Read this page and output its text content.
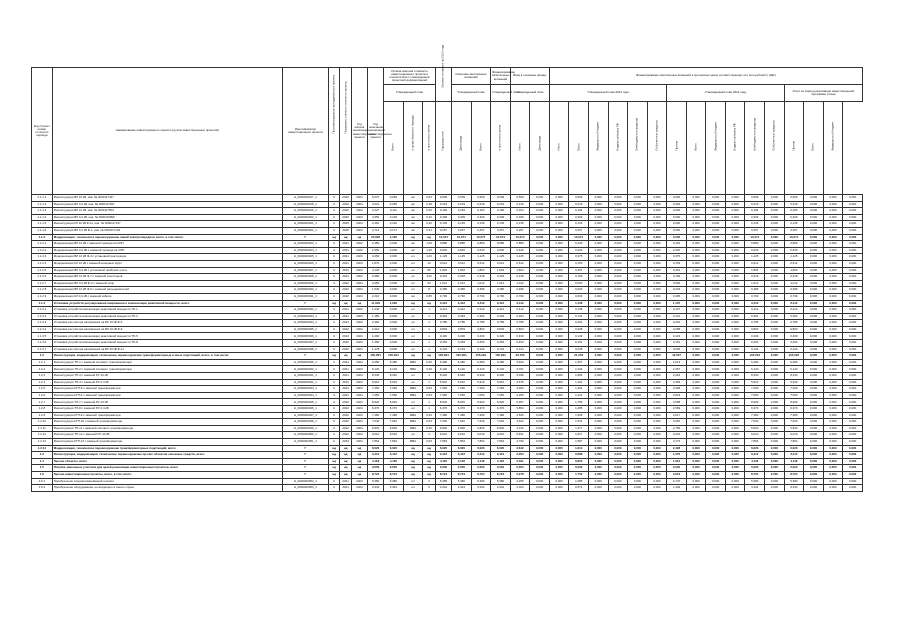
Код строки / номер отчетного периода	Наименование инвестиционного проекта (группы инвестиционных проектов)	Идентификатор инвестиционного проекта	Признак/индикатор принадлежности проекта	Показатель степени готовности проекта	Год начала реализации инвестиционного проекта	Год окончания реализации инвестиционного проекта	Полная сметная стоимость инвестиционного проекта в соответствии с утвержденной проектной документацией			Остаток стоимости на 01.01 года	Освоение капитальных вложений		Финансирование капитальных вложений	Ввод в основные фонды		Финансирование капитальных вложений в прогнозных ценах соответствующих лет, млн рублей (с НДС)															
							Утвержденный план				Утвержденный план		Утвержденный план	Утвержденный план		Утвержденный план 2021 года						Утвержденный план 2022 года						Итого за период реализации инвестиционной программы (план)			
							Всего	в ценах базисного периода	в прогнозных ценах	Год раскрытия	Дата ввода	Всего	в прогнозных ценах	Итого	Дата ввода	Итого	Всего	Федеральный бюджет	Бюджет субъекта РФ	Внебюджетные средства	Собственные средства	Прочие	Всего	Федеральный бюджет	Бюджет субъекта РФ	Внебюджетные средства	Собственные средства	Прочие	Всего	Федеральный бюджет	
1.1.1.1	Реконструкция ВЛ 10 кВ, инв. № 0000117447	H_0000000017_1	С	2020	2024	6,037	0,269	км	0,64	0,509	0,509	0,509	0,509	0,509	0,000	0,000	0,509	0,000	0,000	0,000	0,000	0,000	0,000	0,000	0,000	0,509	0,000	0,509	0,000	0,000	0,000
1.1.1.2	Реконструкция ВЛ 0,4 кВ, инв. № 0000117497	H_0000000018_1	С	2020	2024	2,031	0,255	км	0,18	0,219	0,219	0,219	0,219	0,219	0,000	0,000	0,219	0,000	0,000	0,000	0,000	0,000	0,000	0,000	0,000	0,219	0,000	0,219	0,000	0,000	0,000
1.1.1.3	Реконструкция ВЛ 10 кВ, инв. № 0000117503	H_0000000019_1	С	2020	2024	3,127	0,112	км	0,30	0,184	0,184	0,184	0,184	0,184	0,000	0,000	0,184	0,000	0,000	0,000	0,000	0,000	0,000	0,000	0,000	0,184	0,000	0,184	0,000	0,000	0,000
1.1.1.4	Реконструкция ВЛ 0,4 кВ, инв. № 0000116990	H_0000000020_1	С	2020	2024	4,350	0,218	км	0,42	0,309	0,309	0,309	0,309	0,309	0,000	0,000	0,309	0,000	0,000	0,000	0,000	0,000	0,000	0,000	0,000	0,309	0,000	0,309	0,000	0,000	0,000
1.1.1.5	Реконструкция КЛ 10 кВ Ф-11, инв. № 0000117137	H_0000000021_1	С	2020	2024	2,481	0,140	км	0,22	0,135	0,135	0,135	0,135	0,135	0,000	0,000	0,135	0,000	0,000	0,000	0,000	0,000	0,000	0,000	0,000	0,135	0,000	0,135	0,000	0,000	0,000
1.1.1.6	Реконструкция ВЛ 0,4 кВ Ф-1, инв. № 0000117104	H_0000000022_1	С	2020	2024	3,714	0,171	км	0,31	0,257	0,257	0,257	0,257	0,257	0,000	0,000	0,257	0,000	0,000	0,000	0,000	0,000	0,000	0,000	0,000	0,257	0,000	0,257	0,000	0,000	0,000
1.1.2	Модернизация, техническое перевооружение линий электропередачи, всего, в том числе:	Г	нд	нд	нд	24,602	4,190	нд	нд	10,074	10,074	10,074	10,074	10,074	0,000	0,000	10,074	0,000	0,000	0,000	0,000	0,000	0,000	0,000	0,000	10,074	0,000	10,074	0,000	0,000	0,000
1.1.2.1	Модернизация ВЛ 10 кВ с заменой провода на СИП	H_0000000023_1	С	2021	2022	2,480	0,000	км	1,60	0,880	0,880	0,880	0,880	0,880	0,000	0,000	0,440	0,000	0,000	0,000	0,000	0,440	0,000	0,000	0,000	0,880	0,000	0,880	0,000	0,000	0,000
1.1.2.2	Модернизация ВЛ 0,4 кВ с заменой провода на СИП	H_0000000024_1	С	2021	2022	1,960	0,000	км	1,20	0,640	0,640	0,640	0,640	0,640	0,000	0,000	0,320	0,000	0,000	0,000	0,000	0,320	0,000	0,000	0,000	0,640	0,000	0,640	0,000	0,000	0,000
1.1.2.3	Модернизация ВЛ 10 кВ Ф-4 с установкой реклоузера	H_0000000025_1	С	2021	2023	3,250	0,000	шт	1,00	1,125	1,125	1,125	1,125	1,125	0,000	0,000	0,375	0,000	0,000	0,000	0,000	0,375	0,000	0,000	0,000	1,125	0,000	1,125	0,000	0,000	0,000
1.1.2.4	Модернизация КЛ 10 кВ с заменой концевых муфт	H_0000000026_1	С	2021	2024	1,870	0,000	шт	12	0,612	0,612	0,612	0,612	0,612	0,000	0,000	0,153	0,000	0,000	0,000	0,000	0,153	0,000	0,000	0,000	0,612	0,000	0,612	0,000	0,000	0,000
1.1.2.5	Модернизация ВЛ 0,4 кВ с установкой приборов учета	H_0000000027_1	С	2021	2024	4,120	0,000	шт	86	1,804	1,804	1,804	1,804	1,804	0,000	0,000	0,451	0,000	0,000	0,000	0,000	0,451	0,000	0,000	0,000	1,804	0,000	1,804	0,000	0,000	0,000
1.1.2.6	Модернизация ВЛ 10 кВ Ф-7 с заменой изоляторов	H_0000000028_1	С	2021	2022	0,980	0,000	шт	240	0,318	0,318	0,318	0,318	0,318	0,000	0,000	0,159	0,000	0,000	0,000	0,000	0,159	0,000	0,000	0,000	0,318	0,000	0,318	0,000	0,000	0,000
1.1.2.7	Модернизация ВЛ 0,4 кВ Ф-2 с заменой опор	H_0000000029_1	С	2022	2024	2,650	0,000	шт	54	1,012	1,012	1,012	1,012	1,012	0,000	0,000	0,000	0,000	0,000	0,000	0,000	0,506	0,000	0,000	0,000	1,012	0,000	1,012	0,000	0,000	0,000
1.1.2.8	Модернизация ВЛ 10 кВ Ф-9 с заменой разъединителей	H_0000000030_1	С	2022	2024	1,540	0,000	шт	8	0,486	0,486	0,486	0,486	0,486	0,000	0,000	0,000	0,000	0,000	0,000	0,000	0,243	0,000	0,000	0,000	0,486	0,000	0,486	0,000	0,000	0,000
1.1.2.9	Модернизация КЛ 0,4 кВ с заменой кабеля	H_0000000031_1	С	2022	2024	2,210	0,000	км	0,85	0,790	0,790	0,790	0,790	0,790	0,000	0,000	0,000	0,000	0,000	0,000	0,000	0,395	0,000	0,000	0,000	0,790	0,000	0,790	0,000	0,000	0,000
1.1.3	Установка устройств регулирования напряжения и компенсации реактивной мощности, всего	Г	нд	нд	нд	11,318	1,030	нд	нд	3,412	3,412	3,412	3,412	3,412	0,000	0,000	1,138	0,000	0,000	0,000	0,000	1,137	0,000	0,000	0,000	3,412	0,000	3,412	0,000	0,000	0,000
1.1.3.1	Установка устройств компенсации реактивной мощности ТП-1	H_0000000032_1	С	2021	2023	1,240	0,000	шт	1	0,412	0,412	0,412	0,412	0,412	0,000	0,000	0,138	0,000	0,000	0,000	0,000	0,137	0,000	0,000	0,000	0,412	0,000	0,412	0,000	0,000	0,000
1.1.3.2	Установка устройств компенсации реактивной мощности ТП-2	H_0000000033_1	С	2021	2023	1,180	0,000	шт	1	0,394	0,394	0,394	0,394	0,394	0,000	0,000	0,131	0,000	0,000	0,000	0,000	0,131	0,000	0,000	0,000	0,394	0,000	0,394	0,000	0,000	0,000
1.1.3.3	Установка регулятора напряжения на ВЛ 10 кВ Ф-3	H_0000000034_1	С	2021	2023	2,360	0,000	шт	1	0,786	0,786	0,786	0,786	0,786	0,000	0,000	0,262	0,000	0,000	0,000	0,000	0,262	0,000	0,000	0,000	0,786	0,000	0,786	0,000	0,000	0,000
1.1.3.4	Установка регулятора напряжения на ВЛ 10 кВ Ф-6	H_0000000035_1	С	2022	2024	2,410	0,000	шт	1	0,803	0,803	0,803	0,803	0,803	0,000	0,000	0,268	0,000	0,000	0,000	0,000	0,268	0,000	0,000	0,000	0,803	0,000	0,803	0,000	0,000	0,000
1.1.3.5	Установка устройств компенсации реактивной мощности ТП-5	H_0000000036_1	С	2022	2024	1,290	0,000	шт	1	0,430	0,430	0,430	0,430	0,430	0,000	0,000	0,143	0,000	0,000	0,000	0,000	0,143	0,000	0,000	0,000	0,430	0,000	0,430	0,000	0,000	0,000
1.1.3.6	Установка устройств компенсации реактивной мощности ТП-8	H_0000000037_1	С	2022	2024	1,360	0,000	шт	1	0,453	0,453	0,453	0,453	0,453	0,000	0,000	0,151	0,000	0,000	0,000	0,000	0,151	0,000	0,000	0,000	0,453	0,000	0,453	0,000	0,000	0,000
1.1.3.7	Установка регулятора напряжения на ВЛ 10 кВ Ф-11	H_0000000038_1	С	2022	2024	1,478	0,000	шт	1	0,134	0,134	0,134	0,134	0,134	0,000	0,000	0,045	0,000	0,000	0,000	0,000	0,045	0,000	0,000	0,000	0,134	0,000	0,134	0,000	0,000	0,000
1.2	Реконструкция, модернизация, техническое перевооружение трансформаторных и иных подстанций, всего, в том числе:	Г	нд	нд	нд	105,294	105,294	нд	нд	105,294	105,294	105,294	105,294	63,760	0,000	0,000	21,253	0,000	0,000	0,000	0,000	42,507	0,000	0,000	0,000	105,294	0,000	105,294	0,000	0,000	0,000
1.2.1	Реконструкция ТП-1 с заменой силового трансформатора	H_0000000039_1	С	2021	2024	6,480	6,480	МВА	0,40	6,480	6,480	6,480	6,480	3,920	0,000	0,000	1,307	0,000	0,000	0,000	0,000	2,613	0,000	0,000	0,000	6,480	0,000	6,480	0,000	0,000	0,000
1.2.2	Реконструкция ТП-2 с заменой силового трансформатора	H_0000000040_1	С	2021	2024	6,120	6,120	МВА	0,40	6,120	6,120	6,120	6,120	3,701	0,000	0,000	1,234	0,000	0,000	0,000	0,000	2,467	0,000	0,000	0,000	6,120	0,000	6,120	0,000	0,000	0,000
1.2.3	Реконструкция ТП-3 с заменой РУ-10 кВ	H_0000000041_1	С	2021	2024	8,340	8,340	шт	1	8,340	8,340	8,340	8,340	5,046	0,000	0,000	1,682	0,000	0,000	0,000	0,000	3,364	0,000	0,000	0,000	8,340	0,000	8,340	0,000	0,000	0,000
1.2.4	Реконструкция ТП-4 с заменой РУ-0,4 кВ	H_0000000042_1	С	2021	2024	5,910	5,910	шт	1	5,910	5,910	5,910	5,910	3,575	0,000	0,000	1,192	0,000	0,000	0,000	0,000	2,383	0,000	0,000	0,000	5,910	0,000	5,910	0,000	0,000	0,000
1.2.5	Реконструкция КТП-5 с заменой трансформатора	H_0000000043_1	С	2021	2024	7,260	7,260	МВА	0,63	7,260	7,260	7,260	7,260	4,392	0,000	0,000	1,464	0,000	0,000	0,000	0,000	2,928	0,000	0,000	0,000	7,260	0,000	7,260	0,000	0,000	0,000
1.2.6	Реконструкция КТП-6 с заменой трансформатора	H_0000000044_1	С	2021	2024	7,050	7,050	МВА	0,63	7,050	7,050	7,050	7,050	4,265	0,000	0,000	1,422	0,000	0,000	0,000	0,000	2,843	0,000	0,000	0,000	7,050	0,000	7,050	0,000	0,000	0,000
1.2.7	Реконструкция ТП-7 с заменой РУ-10 кВ	H_0000000045_1	С	2022	2024	8,920	8,920	шт	1	8,920	8,920	8,920	8,920	5,397	0,000	0,000	1,799	0,000	0,000	0,000	0,000	3,598	0,000	0,000	0,000	8,920	0,000	8,920	0,000	0,000	0,000
1.2.8	Реконструкция ТП-8 с заменой РУ-0,4 кВ	H_0000000046_1	С	2022	2024	6,370	6,370	шт	1	6,370	6,370	6,370	6,370	3,854	0,000	0,000	1,285	0,000	0,000	0,000	0,000	2,569	0,000	0,000	0,000	6,370	0,000	6,370	0,000	0,000	0,000
1.2.9	Реконструкция КТП-9 с заменой трансформатора	H_0000000047_1	С	2022	2024	7,480	7,480	МВА	0,63	7,480	7,480	7,480	7,480	4,525	0,000	0,000	1,508	0,000	0,000	0,000	0,000	3,017	0,000	0,000	0,000	7,480	0,000	7,480	0,000	0,000	0,000
1.2.10	Реконструкция КТП-10 с заменой трансформатора	H_0000000048_1	С	2022	2024	7,640	7,640	МВА	0,63	7,640	7,640	7,640	7,640	4,622	0,000	0,000	1,541	0,000	0,000	0,000	0,000	3,081	0,000	0,000	0,000	7,640	0,000	7,640	0,000	0,000	0,000
1.2.11	Реконструкция ТП-11 с заменой силового трансформатора	H_0000000049_1	С	2022	2024	6,830	6,830	МВА	0,40	6,830	6,830	6,830	6,830	4,132	0,000	0,000	1,377	0,000	0,000	0,000	0,000	2,755	0,000	0,000	0,000	6,830	0,000	6,830	0,000	0,000	0,000
1.2.12	Реконструкция ТП-12 с заменой РУ-10 кВ	H_0000000050_1	С	2022	2024	9,010	9,010	шт	1	9,010	9,010	9,010	9,010	5,451	0,000	0,000	1,817	0,000	0,000	0,000	0,000	3,634	0,000	0,000	0,000	9,010	0,000	9,010	0,000	0,000	0,000
1.2.13	Реконструкция КТП-13 с заменой трансформатора	H_0000000051_1	С	2023	2024	7,864	7,864	МВА	0,63	7,864	7,864	7,864	7,864	4,760	0,000	0,000	1,587	0,000	0,000	0,000	0,000	3,173	0,000	0,000	0,000	7,864	0,000	7,864	0,000	0,000	0,000
1.2.14	Модернизация, техническое перевооружение трансформаторных подстанций, всего	Г	нд	нд	нд	6,020	6,020	нд	нд	6,020	6,020	6,020	6,020	3,642	0,000	0,000	1,214	0,000	0,000	0,000	0,000	2,428	0,000	0,000	0,000	6,020	0,000	6,020	0,000	0,000	0,000
1.3	Реконструкция, модернизация, техническое перевооружение прочих объектов основных средств, всего	Г	нд	нд	нд	3,412	3,412	нд	нд	3,412	3,412	3,412	3,412	2,064	0,000	0,000	0,688	0,000	0,000	0,000	0,000	1,376	0,000	0,000	0,000	3,412	0,000	3,412	0,000	0,000	0,000
1.4	Прочие объекты, всего	Г	нд	нд	нд	4,118	4,118	нд	нд	4,118	4,118	4,118	4,118	2,491	0,000	0,000	0,830	0,000	0,000	0,000	0,000	1,661	0,000	0,000	0,000	4,118	0,000	4,118	0,000	0,000	0,000
1.5	Покупка земельных участков для целей реализации инвестиционных проектов, всего	Г	нд	нд	нд	0,000	0,000	нд	нд	0,000	0,000	0,000	0,000	0,000	0,000	0,000	0,000	0,000	0,000	0,000	0,000	0,000	0,000	0,000	0,000	0,000	0,000	0,000	0,000	0,000	0,000
1.6	Прочие инвестиционные проекты, всего, в том числе:	Г	нд	нд	нд	8,724	8,724	нд	нд	8,724	8,724	8,724	8,724	5,278	0,000	0,000	1,759	0,000	0,000	0,000	0,000	3,519	0,000	0,000	0,000	8,724	0,000	8,724	0,000	0,000	0,000
1.6.1	Приобретение специализированной техники	H_0000000052_1	С	2021	2024	5,380	5,380	шт	2	5,380	5,380	5,380	5,380	3,255	0,000	0,000	1,085	0,000	0,000	0,000	0,000	2,170	0,000	0,000	0,000	5,380	0,000	5,380	0,000	0,000	0,000
1.6.2	Приобретение оборудования, не входящего в сметы строек	H_0000000053_1	С	2021	2024	3,344	3,344	шт	6	3,344	3,344	3,344	3,344	2,023	0,000	0,000	0,674	0,000	0,000	0,000	0,000	1,349	0,000	0,000	0,000	3,344	0,000	3,344	0,000	0,000	0,000
